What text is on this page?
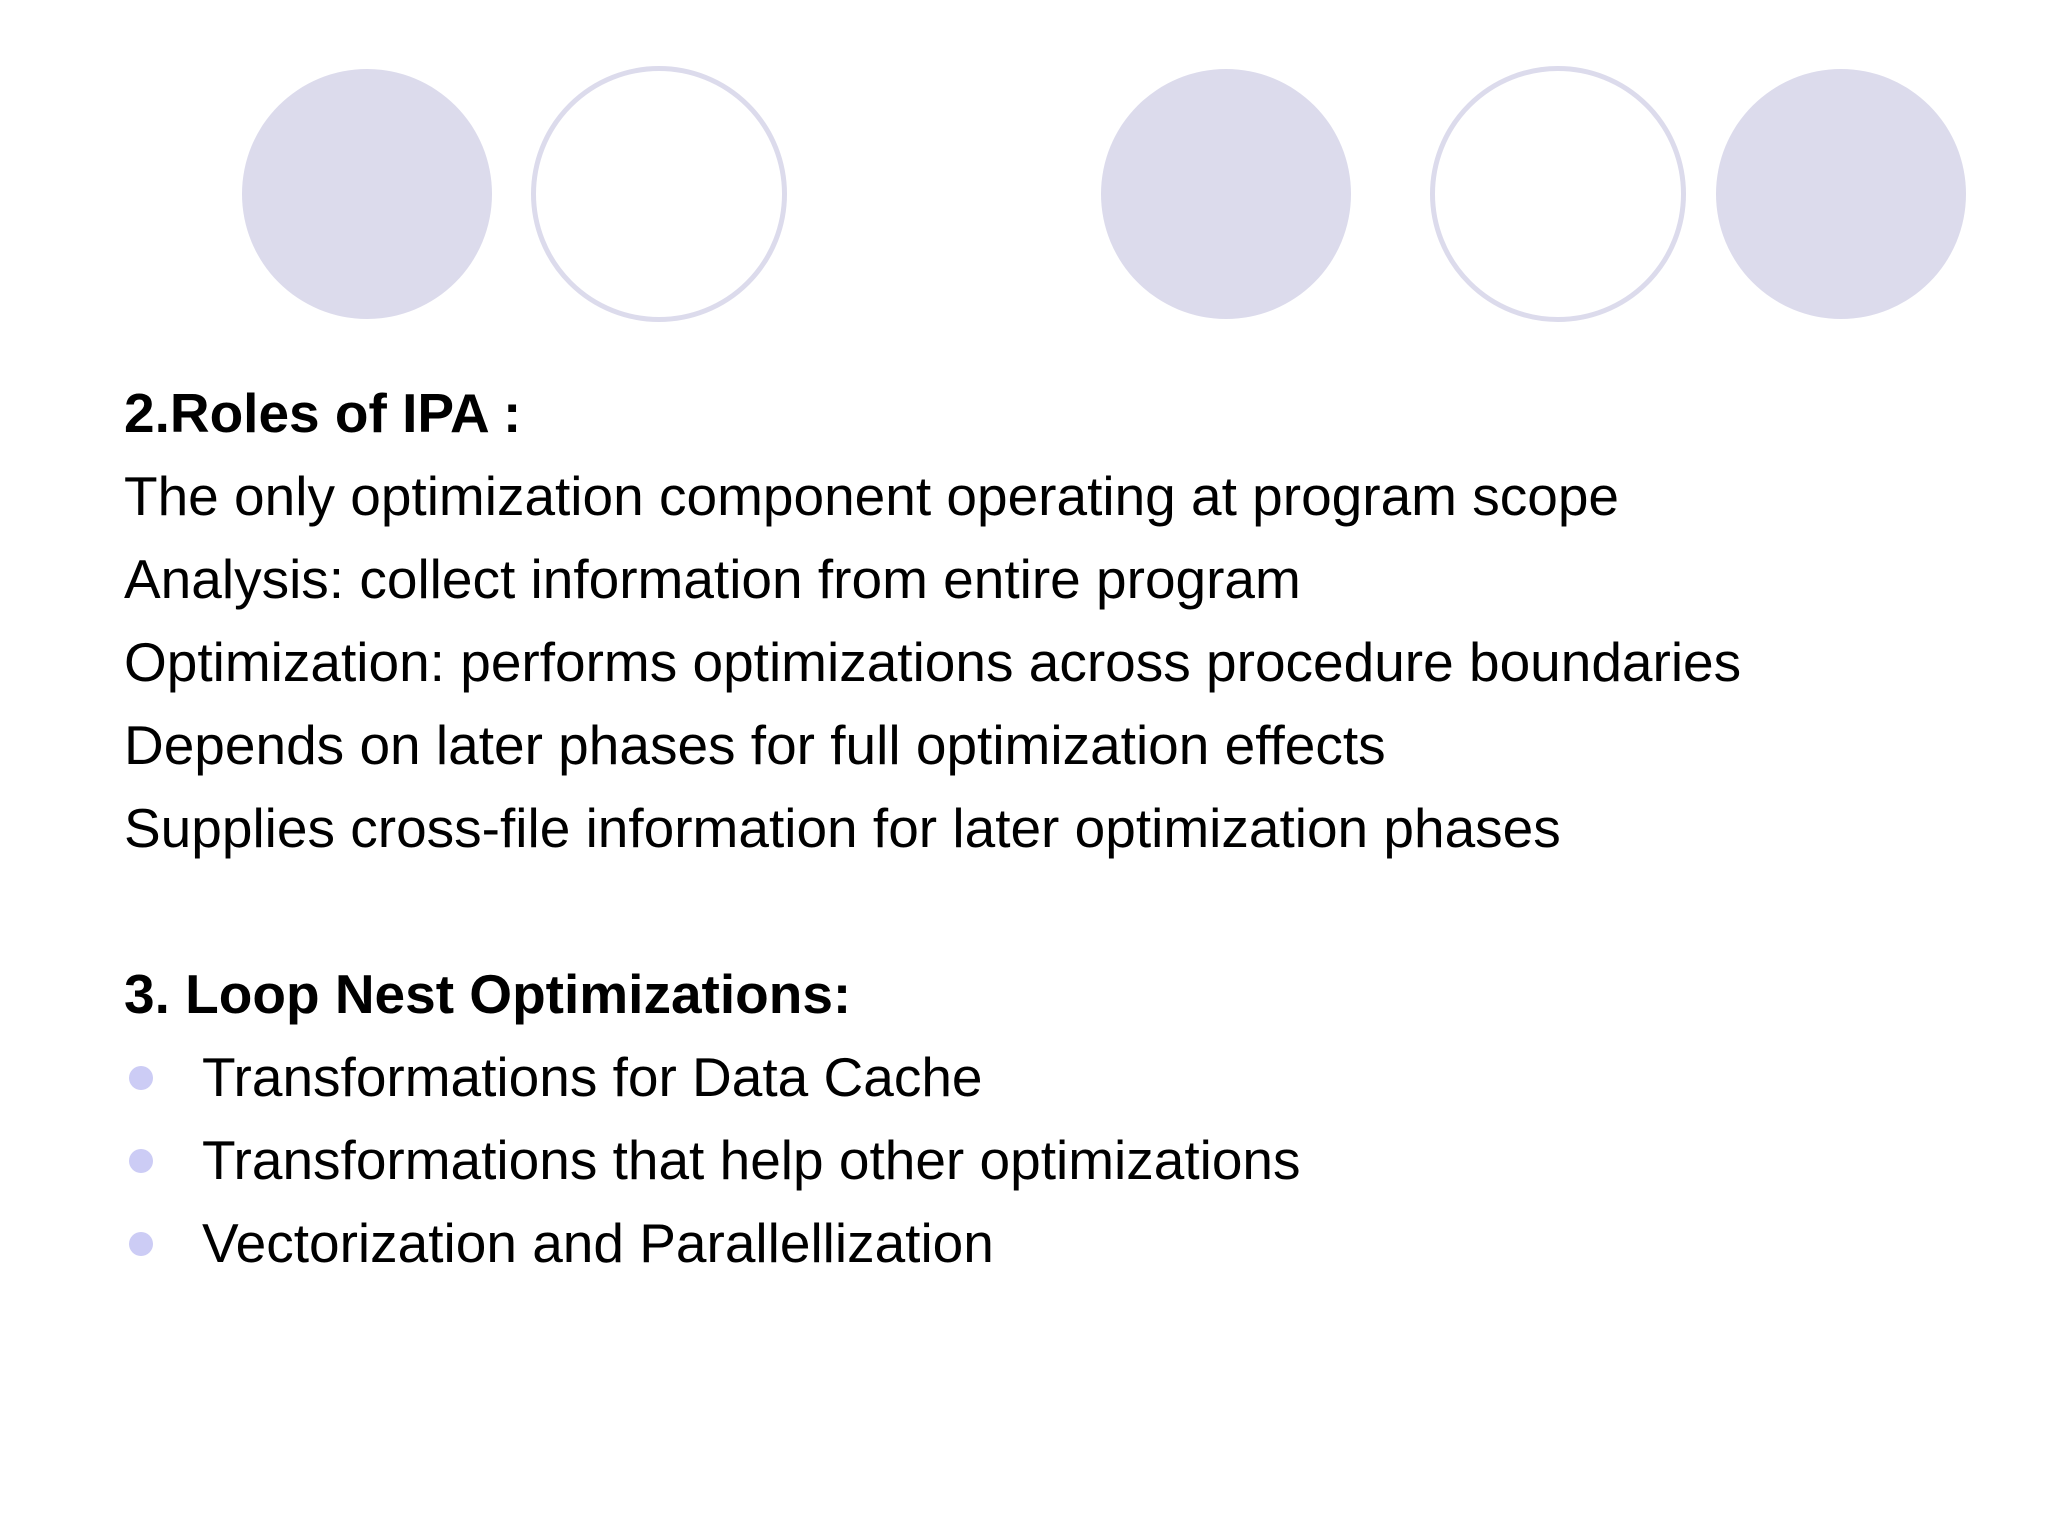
2.Roles of IPA :
The only optimization component operating at program scope
Analysis: collect information from entire program
Optimization: performs optimizations across procedure boundaries
Depends on later phases for full optimization effects
Supplies cross-file information for later optimization phases
3. Loop Nest Optimizations:
Transformations for Data Cache
Transformations that help other optimizations
Vectorization and Parallellization
